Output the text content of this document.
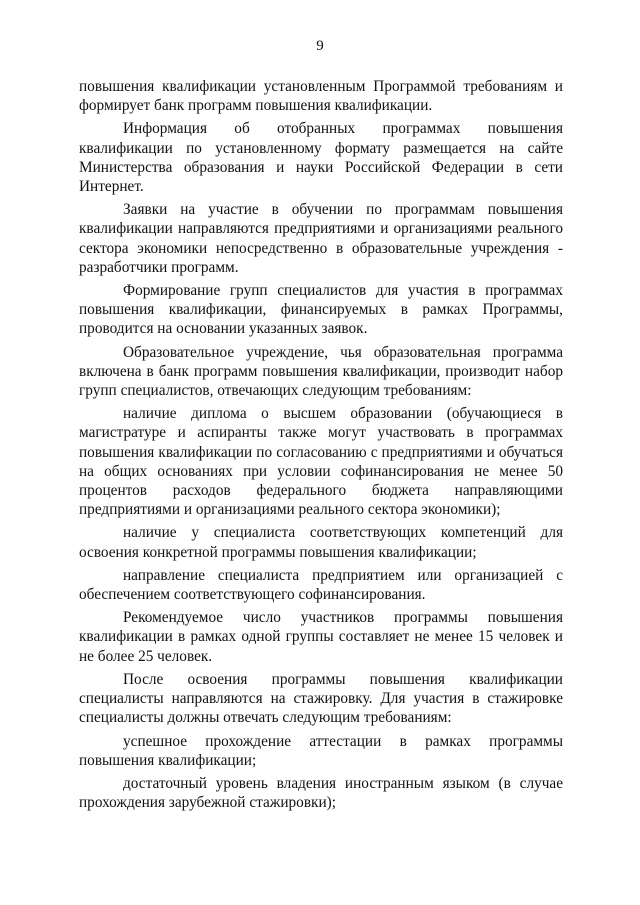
9

повышения квалификации установленным Программой требованиям и формирует банк программ повышения квалификации.

Информация об отобранных программах повышения квалификации по установленному формату размещается на сайте Министерства образования и науки Российской Федерации в сети Интернет.

Заявки на участие в обучении по программам повышения квалификации направляются предприятиями и организациями реального сектора экономики непосредственно в образовательные учреждения - разработчики программ.

Формирование групп специалистов для участия в программах повышения квалификации, финансируемых в рамках Программы, проводится на основании указанных заявок.

Образовательное учреждение, чья образовательная программа включена в банк программ повышения квалификации, производит набор групп специалистов, отвечающих следующим требованиям:

наличие диплома о высшем образовании (обучающиеся в магистратуре и аспиранты также могут участвовать в программах повышения квалификации по согласованию с предприятиями и обучаться на общих основаниях при условии софинансирования не менее 50 процентов расходов федерального бюджета направляющими предприятиями и организациями реального сектора экономики);

наличие у специалиста соответствующих компетенций для освоения конкретной программы повышения квалификации;

направление специалиста предприятием или организацией с обеспечением соответствующего софинансирования.

Рекомендуемое число участников программы повышения квалификации в рамках одной группы составляет не менее 15 человек и не более 25 человек.

После освоения программы повышения квалификации специалисты направляются на стажировку. Для участия в стажировке специалисты должны отвечать следующим требованиям:

успешное прохождение аттестации в рамках программы повышения квалификации;

достаточный уровень владения иностранным языком (в случае прохождения зарубежной стажировки);
